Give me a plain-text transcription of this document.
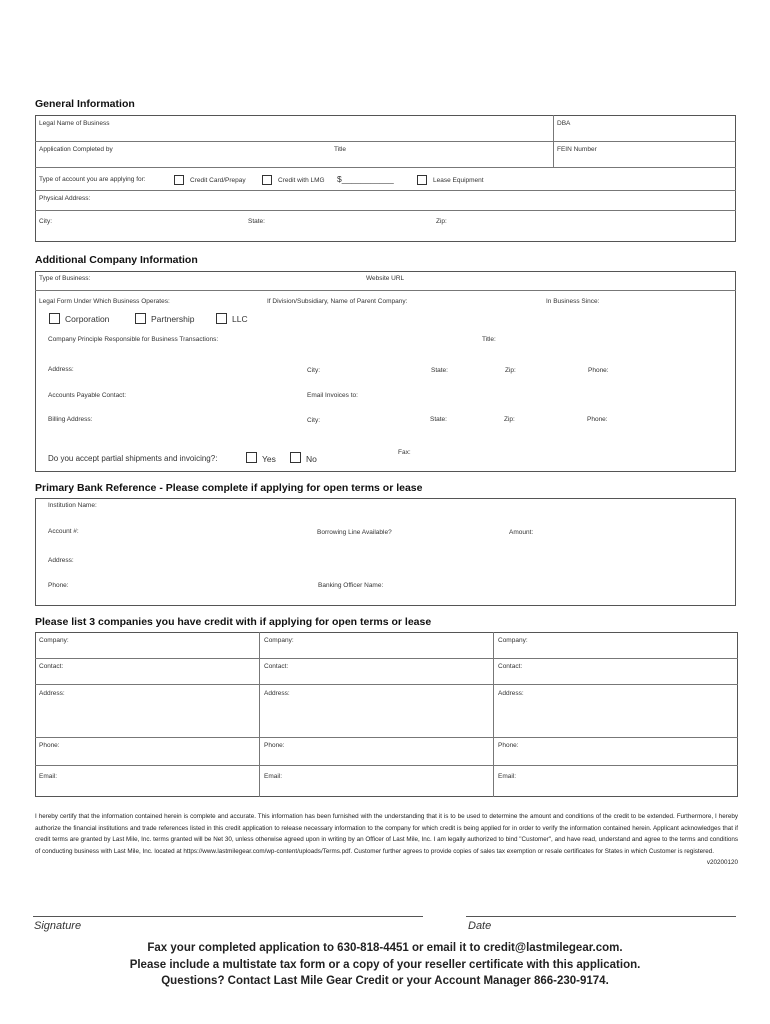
General Information
Legal Name of Business	DBA
Application Completed by	Title	FEIN Number
Type of account you are applying for:	Credit Card/Prepay	Credit with LMG $___________	Lease Equipment
Physical Address:
City:	State:	Zip:
Additional Company Information
Type of Business:	Website URL
Legal Form Under Which Business Operates:	If Division/Subsidiary, Name of Parent Company:	In Business Since:
Corporation	Partnership	LLC
Company Principle Responsible for Business Transactions:	Title:
Address:	City:	State:	Zip:	Phone:
Accounts Payable Contact:	Email Invoices to:
Billing Address:	City:	State:	Zip:	Phone:
Do you accept partial shipments and invoicing?:	Yes	No
Fax:
Primary Bank Reference - Please complete if applying for open terms or lease
Institution Name:
Account #:	Borrowing Line Available?	Amount:
Address:
Phone:	Banking Officer Name:
Please list 3 companies you have credit with if applying for open terms or lease
Company:	Company:	Company:
Contact:	Contact:	Contact:
Address:	Address:	Address:
Phone:	Phone:	Phone:
Email:	Email:	Email:
I hereby certify that the information contained herein is complete and accurate. This information has been furnished with the understanding that it is to be used to determine the amount and conditions of the credit to be extended. Furthermore, I hereby authorize the financial institutions and trade references listed in this credit application to release necessary information to the company for which credit is being applied for in order to verify the information contained herein. Applicant acknowledges that if credit terms are granted by Last Mile, Inc. terms granted will be Net 30, unless otherwise agreed upon in writing by an Officer of Last Mile, Inc. I am legally authorized to bind "Customer", and have read, understand and agree to the terms and conditions of conducting business with Last Mile, Inc. located at https://www.lastmilegear.com/wp-content/uploads/Terms.pdf. Customer further agrees to provide copies of sales tax exemption or resale certificates for States in which Customer is registered.
v20200120
Signature	Date
Fax your completed application to 630-818-4451 or email it to credit@lastmilegear.com.
Please include a multistate tax form or a copy of your reseller certificate with this application.
Questions? Contact Last Mile Gear Credit or your Account Manager 866-230-9174.
